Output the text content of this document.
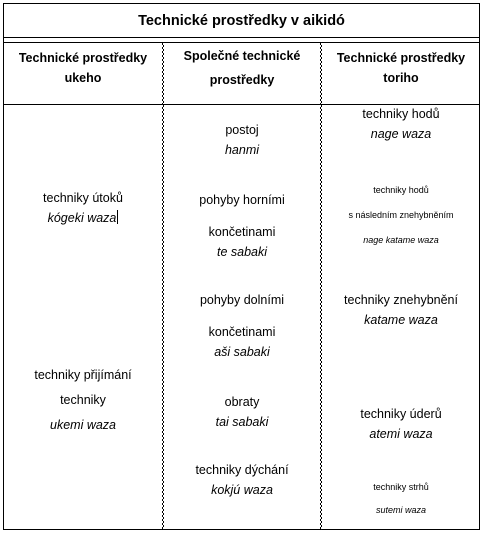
Technické prostředky v aikidó
Technické prostředky
ukeho
Společné technické
prostředky
Technické prostředky
toriho
techniky útoků
kógeki waza
techniky přijímání
techniky
ukemi waza
postoj
hanmi
pohyby horními
končetinami
te sabaki
pohyby dolními
končetinami
aši sabaki
obraty
tai sabaki
techniky dýchání
kokjú waza
techniky hodů
nage waza
techniky hodů
s následním znehybněním
nage katame waza
techniky znehybnění
katame waza
techniky úderů
atemi waza
techniky strhů
sutemi waza
